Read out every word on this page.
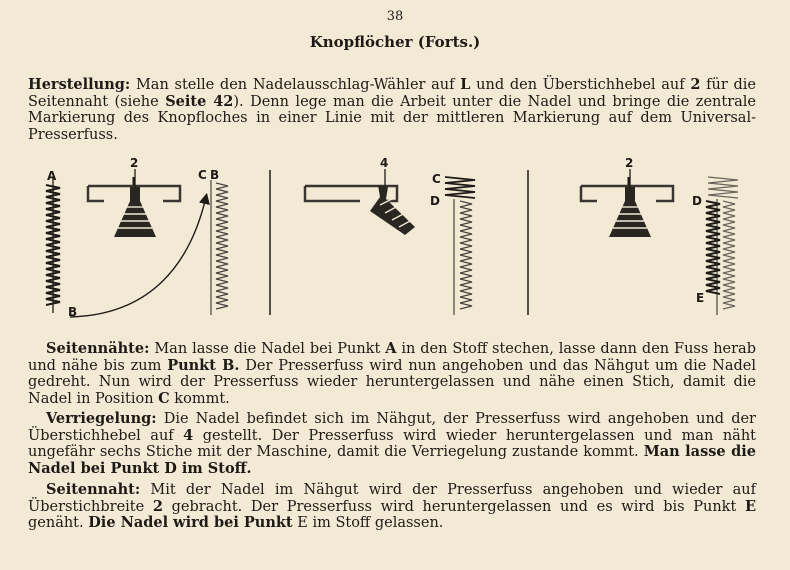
38
Knopflöcher (Forts.)

Herstellung: Man stelle den Nadelausschlag-Wähler auf L und den Überstichhebel auf 2 für die Seitennaht (siehe Seite 42). Denn lege man die Arbeit unter die Nadel und bringe die zentrale Markierung des Knopfloches in einer Linie mit der mittleren Markierung auf dem Universal-Presserfuss.

A
B
2
C B
4
C
D
2
D
E

Seitennähte: Man lasse die Nadel bei Punkt A in den Stoff stechen, lasse dann den Fuss herab und nähe bis zum Punkt B. Der Presserfuss wird nun angehoben und das Nähgut um die Nadel gedreht. Nun wird der Presserfuss wieder heruntergelassen und nähe einen Stich, damit die Nadel in Position C kommt.

Verriegelung: Die Nadel befindet sich im Nähgut, der Presserfuss wird angehoben und der Überstichhebel auf 4 gestellt. Der Presserfuss wird wieder heruntergelassen und man näht ungefähr sechs Stiche mit der Maschine, damit die Verriegelung zustande kommt. Man lasse die Nadel bei Punkt D im Stoff.

Seitennaht: Mit der Nadel im Nähgut wird der Presserfuss angehoben und wieder auf Überstichbreite 2 gebracht. Der Presserfuss wird heruntergelassen und es wird bis Punkt E genäht. Die Nadel wird bei Punkt E im Stoff gelassen.
